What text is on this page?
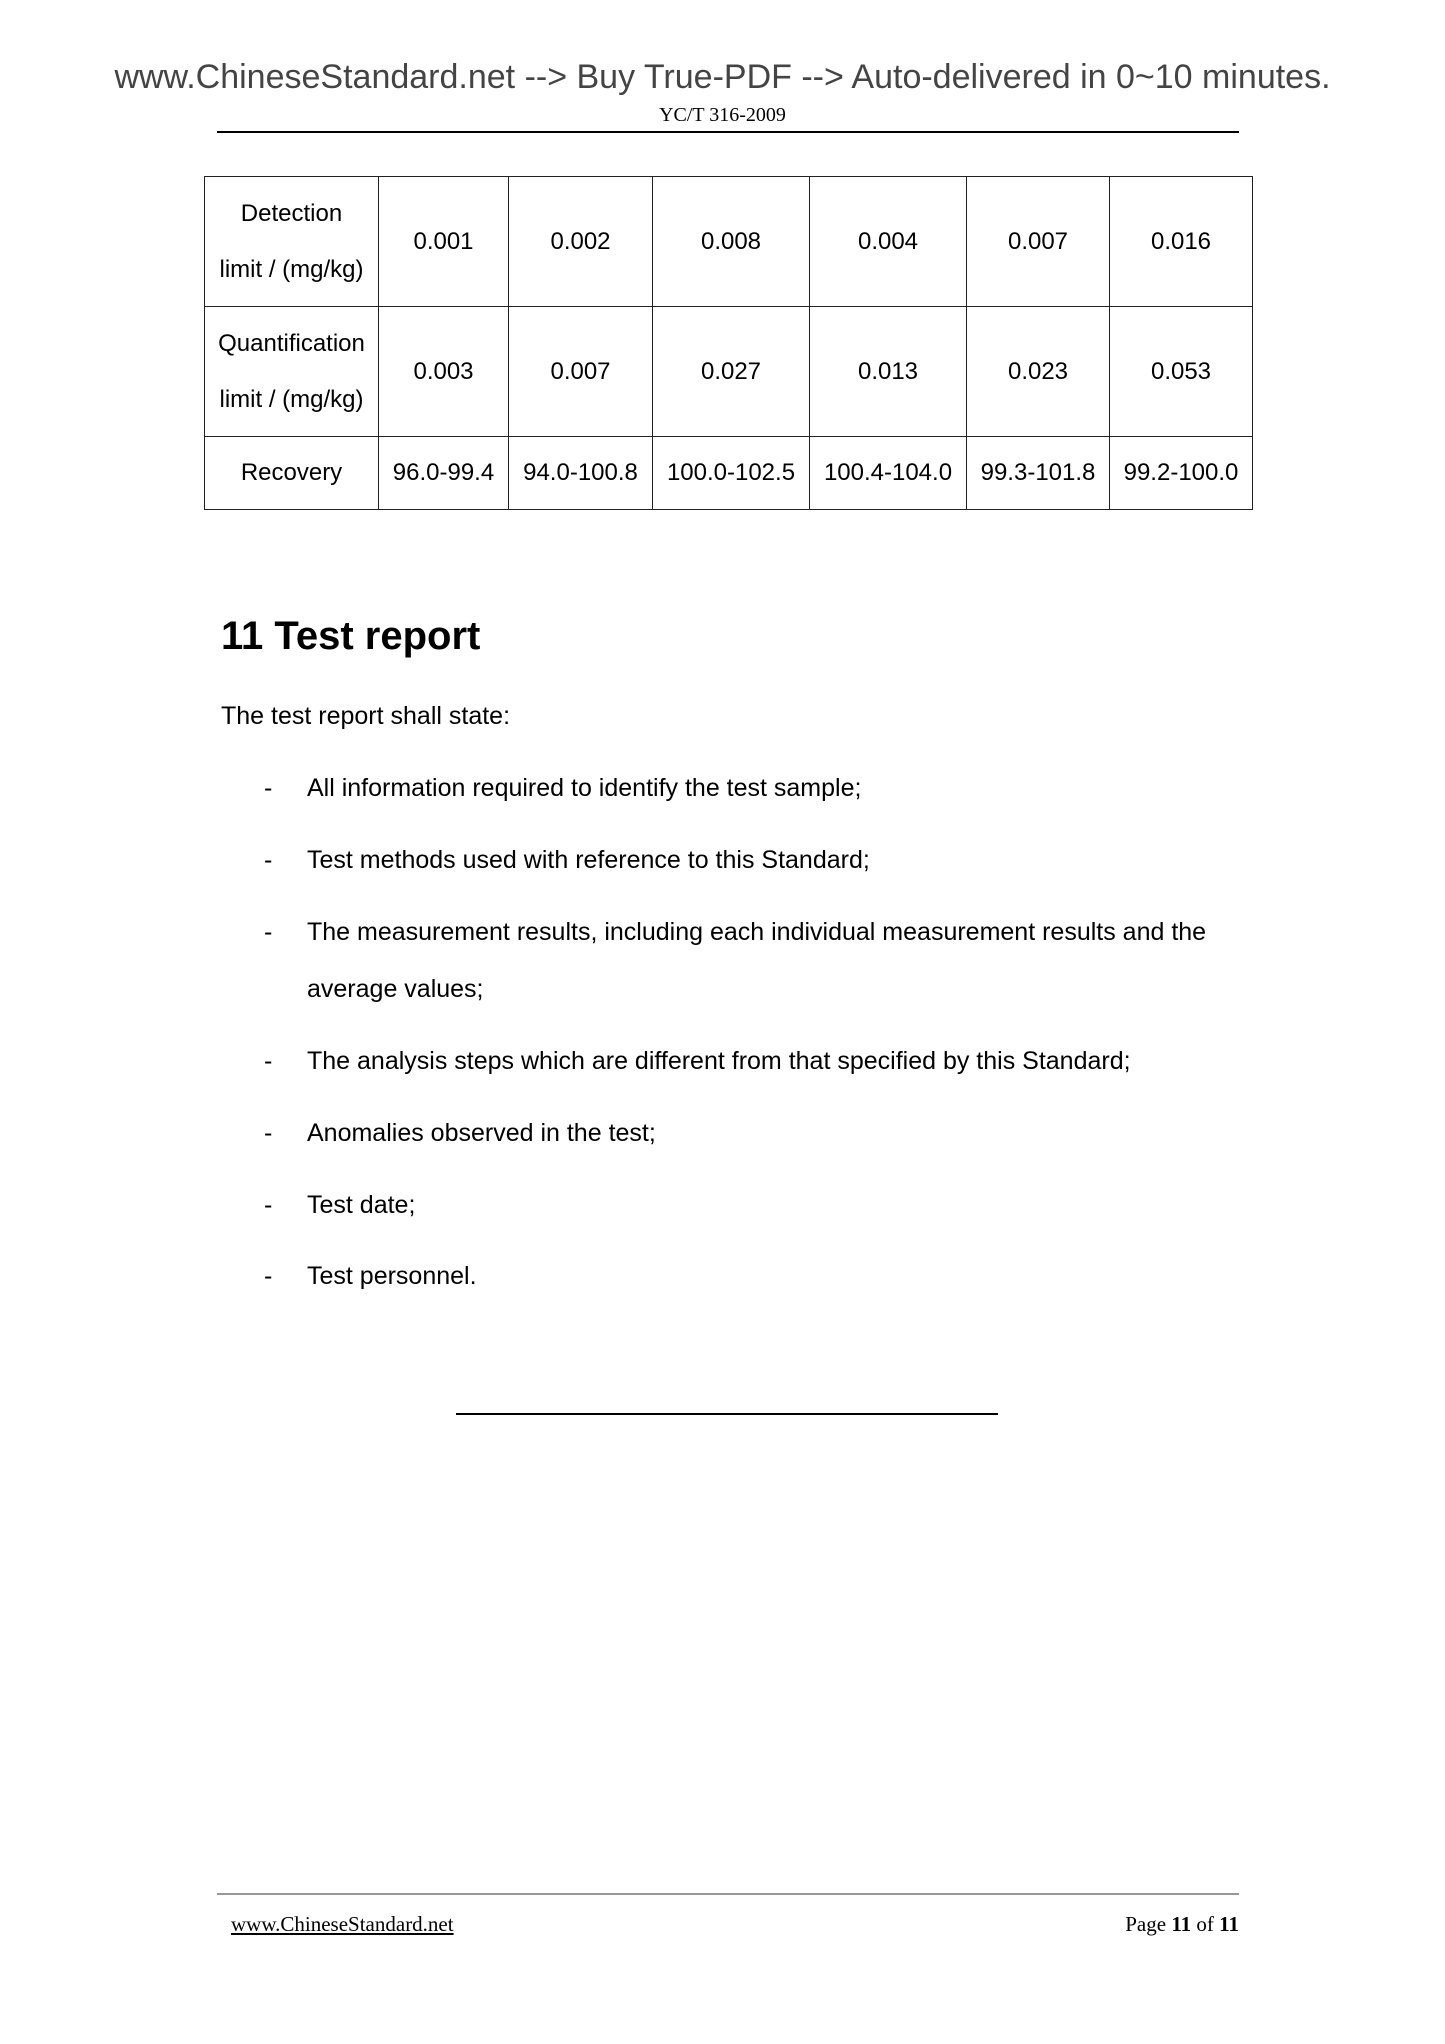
www.ChineseStandard.net --> Buy True-PDF --> Auto-delivered in 0~10 minutes.
YC/T 316-2009
Detection
limit / (mg/kg)	0.001	0.002	0.008	0.004	0.007	0.016
Quantification
limit / (mg/kg)	0.003	0.007	0.027	0.013	0.023	0.053
Recovery	96.0-99.4	94.0-100.8	100.0-102.5	100.4-104.0	99.3-101.8	99.2-100.0
11 Test report
The test report shall state:
- All information required to identify the test sample;
- Test methods used with reference to this Standard;
- The measurement results, including each individual measurement results and the average values;
- The analysis steps which are different from that specified by this Standard;
- Anomalies observed in the test;
- Test date;
- Test personnel.
www.ChineseStandard.net	Page 11 of 11
